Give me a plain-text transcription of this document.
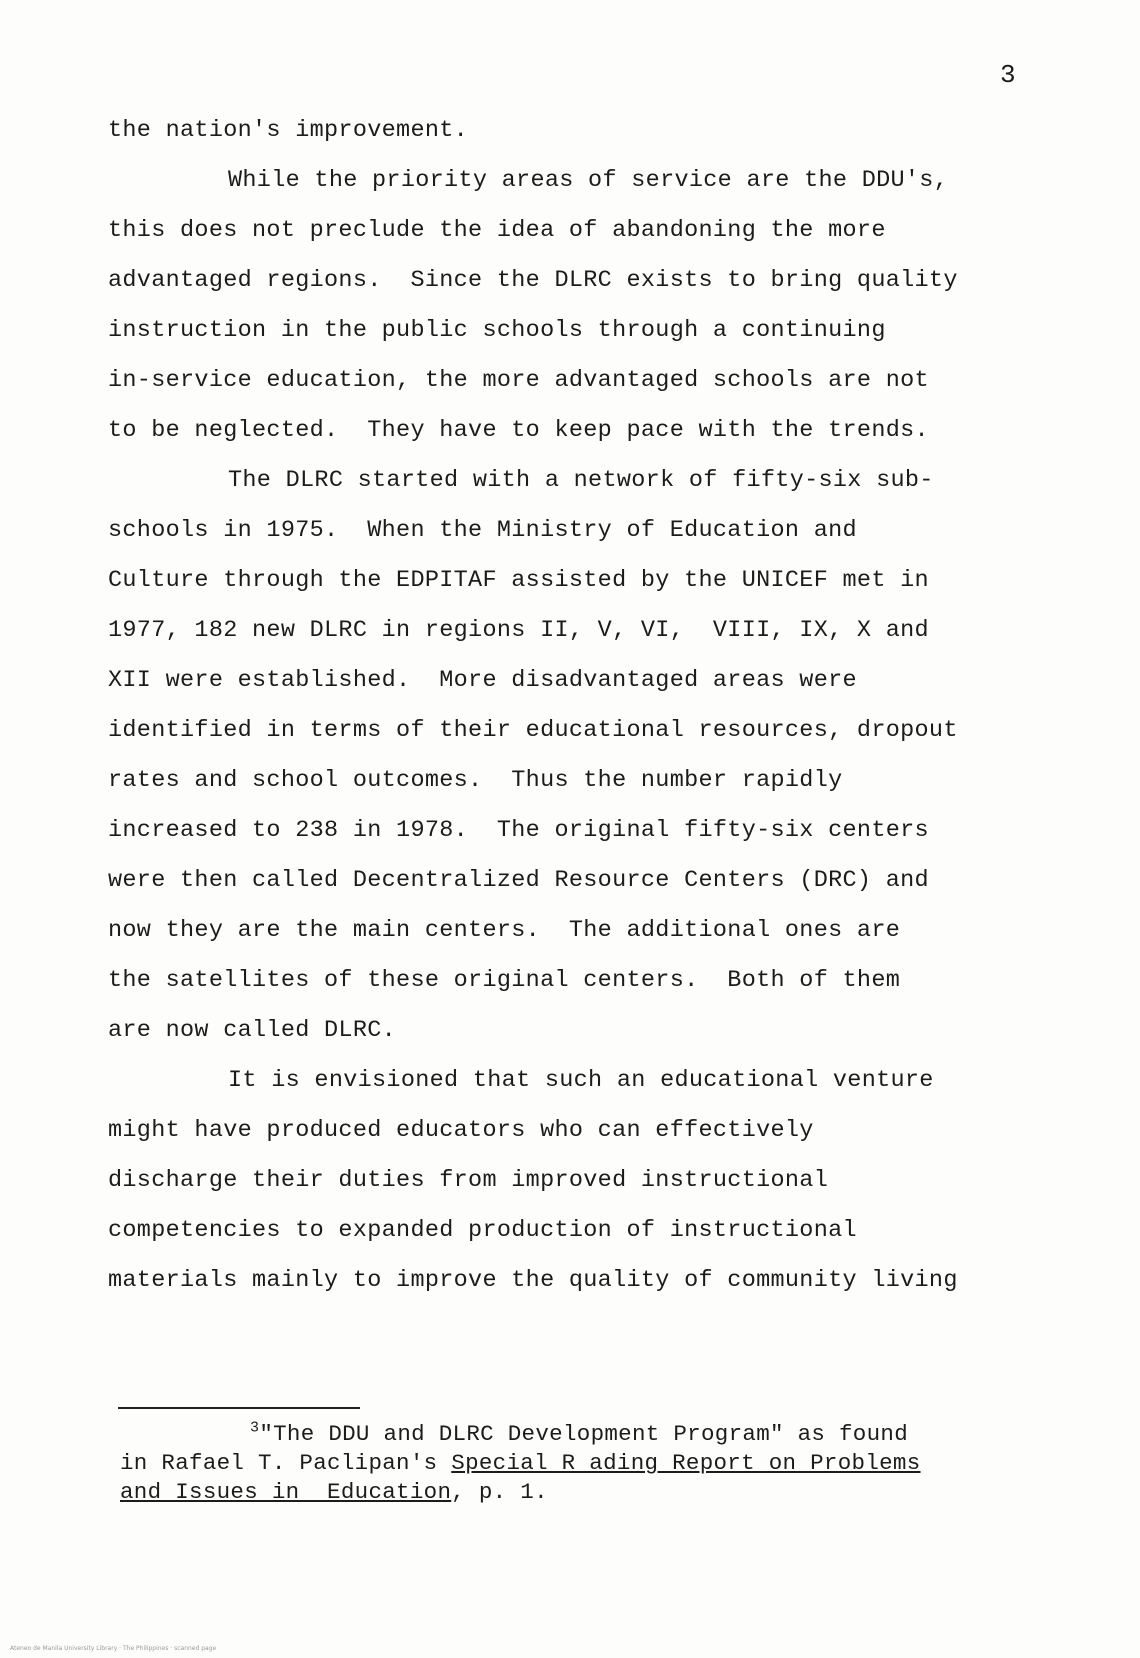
3
the nation's improvement.
While the priority areas of service are the DDU's,
this does not preclude the idea of abandoning the more
advantaged regions.  Since the DLRC exists to bring quality
instruction in the public schools through a continuing
in-service education, the more advantaged schools are not
to be neglected.  They have to keep pace with the trends.
The DLRC started with a network of fifty-six sub-
schools in 1975.  When the Ministry of Education and
Culture through the EDPITAF assisted by the UNICEF met in
1977, 182 new DLRC in regions II, V, VI,  VIII, IX, X and
XII were established.  More disadvantaged areas were
identified in terms of their educational resources, dropout
rates and school outcomes.  Thus the number rapidly
increased to 238 in 1978.  The original fifty-six centers
were then called Decentralized Resource Centers (DRC) and
now they are the main centers.  The additional ones are
the satellites of these original centers.  Both of them
are now called DLRC.
It is envisioned that such an educational venture
might have produced educators who can effectively
discharge their duties from improved instructional
competencies to expanded production of instructional
materials mainly to improve the quality of community living
$^3$"The DDU and DLRC Development Program" as found
in Rafael T. Paclipan's Special R ading Report on Problems
and Issues in  Education, p. 1.
Ateneo de Manila University Library · The Philippines · scanned page
